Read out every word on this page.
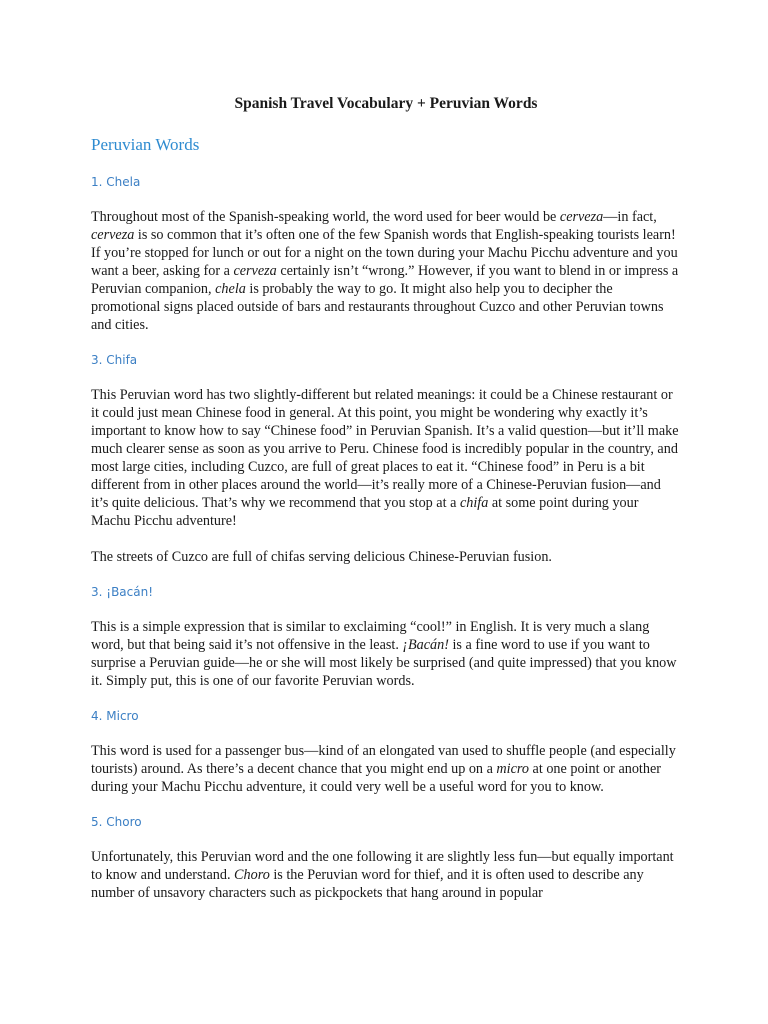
Spanish Travel Vocabulary + Peruvian Words
Peruvian Words
1. Chela

Throughout most of the Spanish-speaking world, the word used for beer would be cerveza—in fact, cerveza is so common that it’s often one of the few Spanish words that English-speaking tourists learn! If you’re stopped for lunch or out for a night on the town during your Machu Picchu adventure and you want a beer, asking for a cerveza certainly isn’t “wrong.” However, if you want to blend in or impress a Peruvian companion, chela is probably the way to go. It might also help you to decipher the promotional signs placed outside of bars and restaurants throughout Cuzco and other Peruvian towns and cities.

3. Chifa

This Peruvian word has two slightly-different but related meanings: it could be a Chinese restaurant or it could just mean Chinese food in general. At this point, you might be wondering why exactly it’s important to know how to say “Chinese food” in Peruvian Spanish. It’s a valid question—but it’ll make much clearer sense as soon as you arrive to Peru. Chinese food is incredibly popular in the country, and most large cities, including Cuzco, are full of great places to eat it. “Chinese food” in Peru is a bit different from in other places around the world—it’s really more of a Chinese-Peruvian fusion—and it’s quite delicious. That’s why we recommend that you stop at a chifa at some point during your Machu Picchu adventure!

The streets of Cuzco are full of chifas serving delicious Chinese-Peruvian fusion.

3. ¡Bacán!

This is a simple expression that is similar to exclaiming “cool!” in English. It is very much a slang word, but that being said it’s not offensive in the least. ¡Bacán! is a fine word to use if you want to surprise a Peruvian guide—he or she will most likely be surprised (and quite impressed) that you know it. Simply put, this is one of our favorite Peruvian words.

4. Micro

This word is used for a passenger bus—kind of an elongated van used to shuffle people (and especially tourists) around. As there’s a decent chance that you might end up on a micro at one point or another during your Machu Picchu adventure, it could very well be a useful word for you to know.

5. Choro

Unfortunately, this Peruvian word and the one following it are slightly less fun—but equally important to know and understand. Choro is the Peruvian word for thief, and it is often used to describe any number of unsavory characters such as pickpockets that hang around in popular
